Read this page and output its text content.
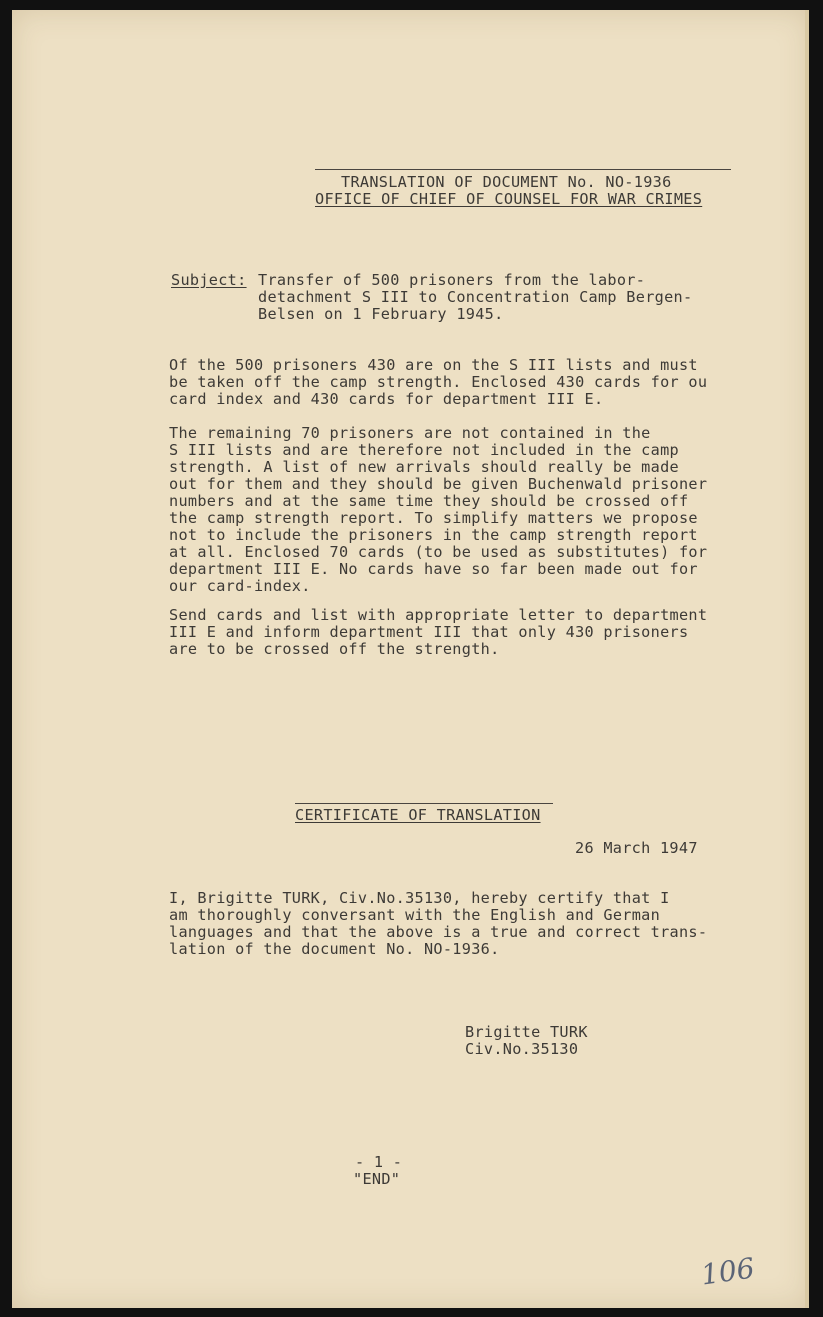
TRANSLATION OF DOCUMENT No. NO-1936
OFFICE OF CHIEF OF COUNSEL FOR WAR CRIMES
Subject: Transfer of 500 prisoners from the labor-
detachment S III to Concentration Camp Bergen-
Belsen on 1 February 1945.
Of the 500 prisoners 430 are on the S III lists and must
be taken off the camp strength. Enclosed 430 cards for ou
card index and 430 cards for department III E.
The remaining 70 prisoners are not contained in the
S III lists and are therefore not included in the camp
strength. A list of new arrivals should really be made
out for them and they should be given Buchenwald prisoner
numbers and at the same time they should be crossed off
the camp strength report. To simplify matters we propose
not to include the prisoners in the camp strength report
at all. Enclosed 70 cards (to be used as substitutes) for
department III E. No cards have so far been made out for
our card-index.
Send cards and list with appropriate letter to department
III E and inform department III that only 430 prisoners
are to be crossed off the strength.
CERTIFICATE OF TRANSLATION
26 March 1947
I, Brigitte TURK, Civ.No.35130, hereby certify that I
am thoroughly conversant with the English and German
languages and that the above is a true and correct trans-
lation of the document No. NO-1936.
Brigitte TURK
Civ.No.35130
- 1 -
"END"
106
